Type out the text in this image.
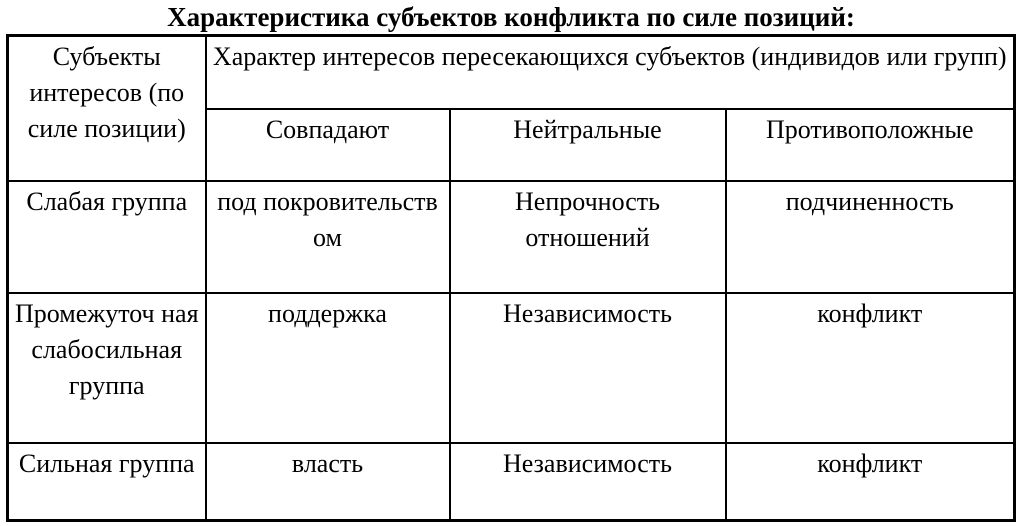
Характеристика субъектов конфликта по силе позиций:
Субъекты интересов (по силе позиции)	Характер интересов пересекающихся субъектов (индивидов или групп)		
	Совпадают	Нейтральные	Противоположные
Слабая группа	под покровительств ом	Непрочность отношений	подчиненность
Промежуточ ная слабосильная группа	поддержка	Независимость	конфликт
Сильная группа	власть	Независимость	конфликт
